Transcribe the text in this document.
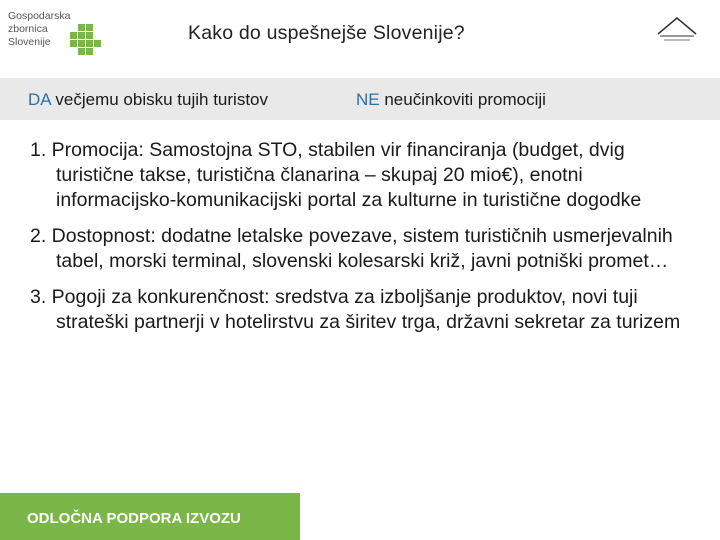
Gospodarska
zbornica
Slovenije	Kako do uspešnejše Slovenije?
DA večjemu obisku tujih turistov	NE neučinkoviti promociji
1. Promocija: Samostojna STO, stabilen vir financiranja (budget, dvig turistične takse, turistična članarina – skupaj 20 mio€), enotni informacijsko-komunikacijski portal za kulturne in turistične dogodke
2. Dostopnost: dodatne letalske povezave, sistem turističnih usmerjevalnih tabel, morski terminal, slovenski kolesarski križ, javni potniški promet…
3. Pogoji za konkurenčnost: sredstva za izboljšanje produktov, novi tuji strateški partnerji v hotelirstvu za širitev trga, državni sekretar za turizem
ODLOČNA PODPORA IZVOZU
